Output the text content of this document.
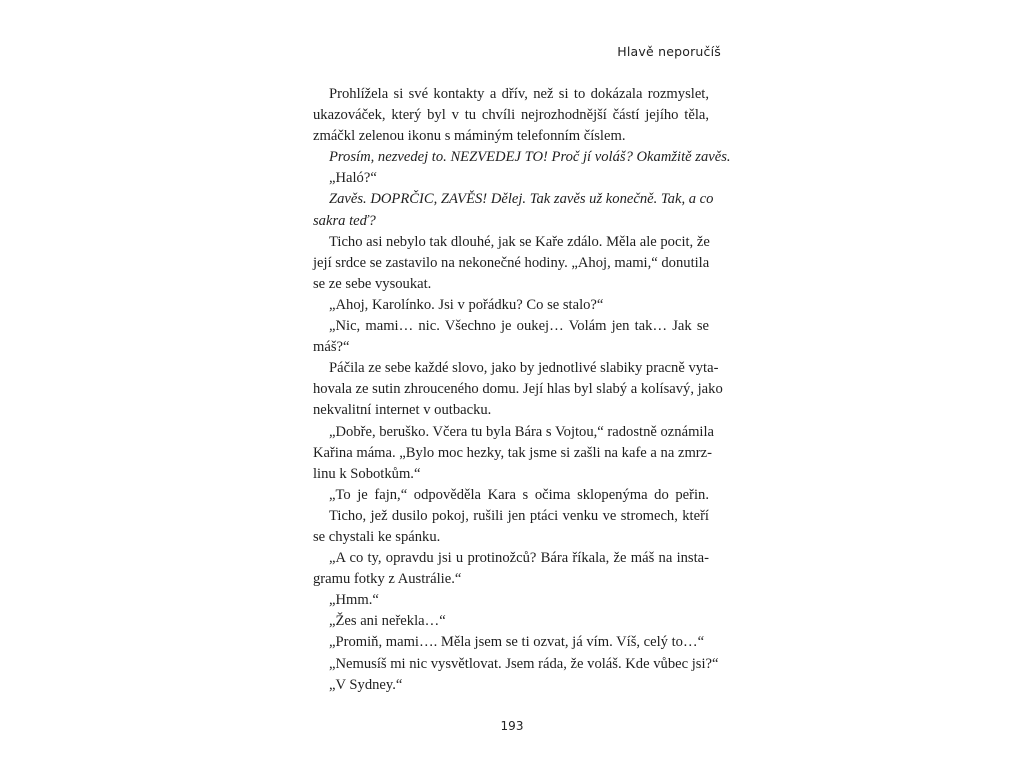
Hlavě neporučíš
Prohlížela si své kontakty a dřív, než si to dokázala rozmyslet,
ukazováček, který byl v tu chvíli nejrozhodnější částí jejího těla,
zmáčkl zelenou ikonu s máminým telefonním číslem.
Prosím, nezvedej to. NEZVEDEJ TO! Proč jí voláš? Okamžitě zavěs.
„Haló?“
Zavěs. DOPRČIC, ZAVĚS! Dělej. Tak zavěs už konečně. Tak, a co
sakra teď?
Ticho asi nebylo tak dlouhé, jak se Kaře zdálo. Měla ale pocit, že
její srdce se zastavilo na nekonečné hodiny. „Ahoj, mami,“ donutila
se ze sebe vysoukat.
„Ahoj, Karolínko. Jsi v pořádku? Co se stalo?“
„Nic, mami… nic. Všechno je oukej… Volám jen tak… Jak se
máš?“
Páčila ze sebe každé slovo, jako by jednotlivé slabiky pracně vyta-
hovala ze sutin zhrouceného domu. Její hlas byl slabý a kolísavý, jako
nekvalitní internet v outbacku.
„Dobře, beruško. Včera tu byla Bára s Vojtou,“ radostně oznámila
Kařina máma. „Bylo moc hezky, tak jsme si zašli na kafe a na zmrz-
linu k Sobotkům.“
„To je fajn,“ odpověděla Kara s očima sklopenýma do peřin.
Ticho, jež dusilo pokoj, rušili jen ptáci venku ve stromech, kteří
se chystali ke spánku.
„A co ty, opravdu jsi u protinožců? Bára říkala, že máš na insta-
gramu fotky z Austrálie.“
„Hmm.“
„Žes ani neřekla…“
„Promiň, mami…. Měla jsem se ti ozvat, já vím. Víš, celý to…“
„Nemusíš mi nic vysvětlovat. Jsem ráda, že voláš. Kde vůbec jsi?“
„V Sydney.“
193
